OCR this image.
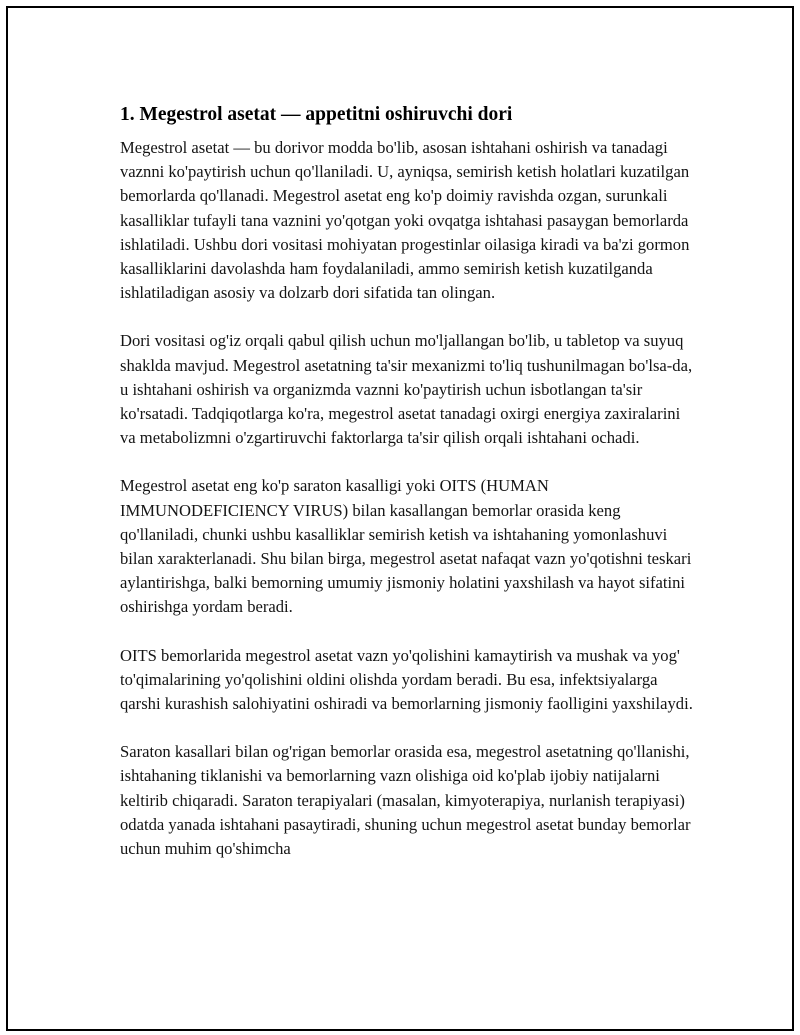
1. Megestrol asetat — appetitni oshiruvchi dori

Megestrol asetat — bu dorivor modda bo'lib, asosan ishtahani oshirish va tanadagi vaznni ko'paytirish uchun qo'llaniladi. U, ayniqsa, semirish ketish holatlari kuzatilgan bemorlarda qo'llanadi. Megestrol asetat eng ko'p doimiy ravishda ozgan, surunkali kasalliklar tufayli tana vaznini yo'qotgan yoki ovqatga ishtahasi pasaygan bemorlarda ishlatiladi. Ushbu dori vositasi mohiyatan progestinlar oilasiga kiradi va ba'zi gormon kasalliklarini davolashda ham foydalaniladi, ammo semirish ketish kuzatilganda ishlatiladigan asosiy va dolzarb dori sifatida tan olingan.

Dori vositasi og'iz orqali qabul qilish uchun mo'ljallangan bo'lib, u tabletop va suyuq shaklda mavjud. Megestrol asetatning ta'sir mexanizmi to'liq tushunilmagan bo'lsa-da, u ishtahani oshirish va organizmda vaznni ko'paytirish uchun isbotlangan ta'sir ko'rsatadi. Tadqiqotlarga ko'ra, megestrol asetat tanadagi oxirgi energiya zaxiralarini va metabolizmni o'zgartiruvchi faktorlarga ta'sir qilish orqali ishtahani ochadi.

Megestrol asetat eng ko'p saraton kasalligi yoki OITS (HUMAN IMMUNODEFICIENCY VIRUS) bilan kasallangan bemorlar orasida keng qo'llaniladi, chunki ushbu kasalliklar semirish ketish va ishtahaning yomonlashuvi bilan xarakterlanadi. Shu bilan birga, megestrol asetat nafaqat vazn yo'qotishni teskari aylantirishga, balki bemorning umumiy jismoniy holatini yaxshilash va hayot sifatini oshirishga yordam beradi.

OITS bemorlarida megestrol asetat vazn yo'qolishini kamaytirish va mushak va yog' to'qimalarining yo'qolishini oldini olishda yordam beradi. Bu esa, infektsiyalarga qarshi kurashish salohiyatini oshiradi va bemorlarning jismoniy faolligini yaxshilaydi.

Saraton kasallari bilan og'rigan bemorlar orasida esa, megestrol asetatning qo'llanishi, ishtahaning tiklanishi va bemorlarning vazn olishiga oid ko'plab ijobiy natijalarni keltirib chiqaradi. Saraton terapiyalari (masalan, kimyoterapiya, nurlanish terapiyasi) odatda yanada ishtahani pasaytiradi, shuning uchun megestrol asetat bunday bemorlar uchun muhim qo'shimcha
